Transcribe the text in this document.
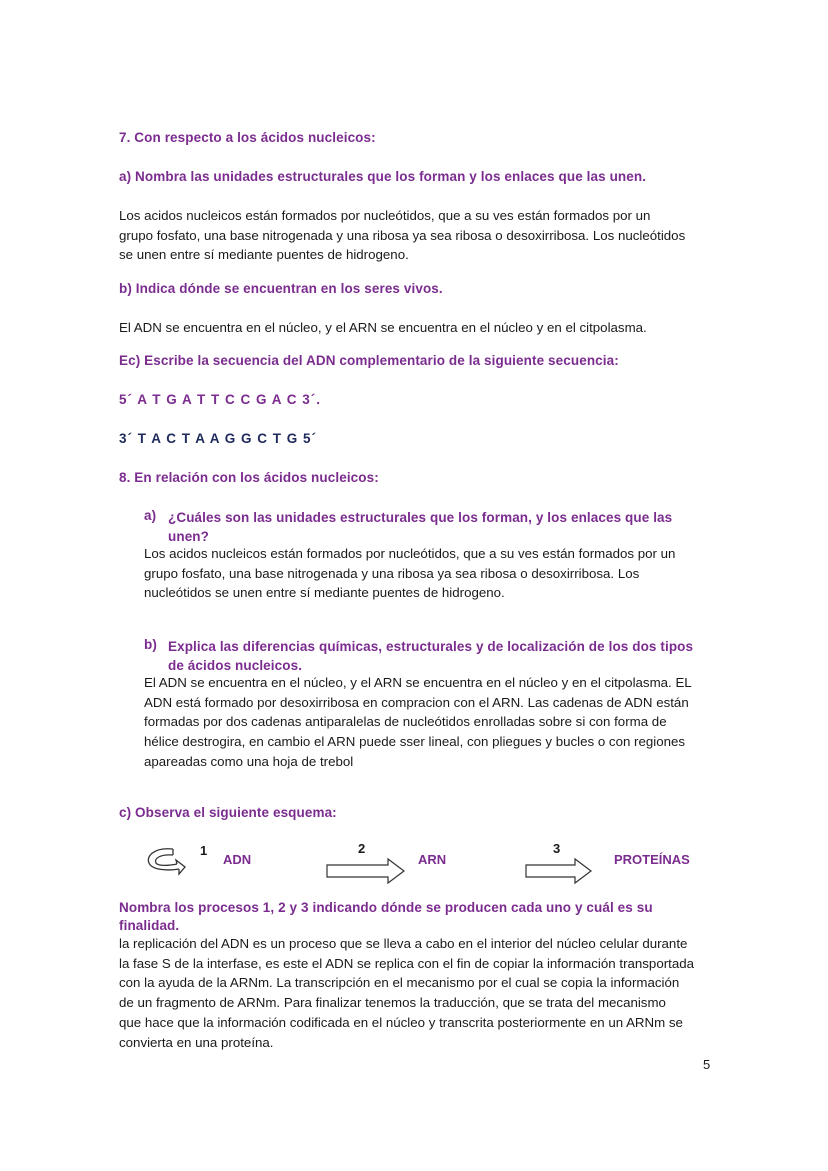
7. Con respecto a los ácidos nucleicos:
a) Nombra las unidades estructurales que los forman y los enlaces que las unen.
Los acidos nucleicos están formados por nucleótidos, que a su ves están formados por un
grupo fosfato, una base nitrogenada y una ribosa ya sea ribosa o desoxirribosa. Los nucleótidos
se unen entre sí mediante puentes de hidrogeno.
b) Indica dónde se encuentran en los seres vivos.
El ADN se encuentra en el núcleo, y el ARN se encuentra en el núcleo y en el citpolasma.
Ec) Escribe la secuencia del ADN complementario de la siguiente secuencia:
5´ A T G A T T C C G A C 3´.
3´ T A C T A A G G C T G 5´
8. En relación con los ácidos nucleicos:
a) ¿Cuáles son las unidades estructurales que los forman, y los enlaces que las
unen?
Los acidos nucleicos están formados por nucleótidos, que a su ves están formados por un
grupo fosfato, una base nitrogenada y una ribosa ya sea ribosa o desoxirribosa. Los
nucleótidos se unen entre sí mediante puentes de hidrogeno.
b) Explica las diferencias químicas, estructurales y de localización de los dos tipos
de ácidos nucleicos.
El ADN se encuentra en el núcleo, y el ARN se encuentra en el núcleo y en el citpolasma. EL
ADN está formado por desoxirribosa en compracion con el ARN. Las cadenas de ADN están
formadas por dos cadenas antiparalelas de nucleótidos enrolladas sobre si con forma de
hélice destrogira, en cambio el ARN puede sser lineal, con pliegues y bucles o con regiones
apareadas como una hoja de trebol
c) Observa el siguiente esquema:
1
ADN
2
ARN
3
PROTEÍNAS
Nombra los procesos 1, 2 y 3 indicando dónde se producen cada uno y cuál es su
finalidad.
la replicación del ADN es un proceso que se lleva a cabo en el interior del núcleo celular durante
la fase S de la interfase, es este el ADN se replica con el fin de copiar la información transportada
con la ayuda de la ARNm. La transcripción en el mecanismo por el cual se copia la información
de un fragmento de ARNm. Para finalizar tenemos la traducción, que se trata del mecanismo
que hace que la información codificada en el núcleo y transcrita posteriormente en un ARNm se
convierta en una proteína.
5
